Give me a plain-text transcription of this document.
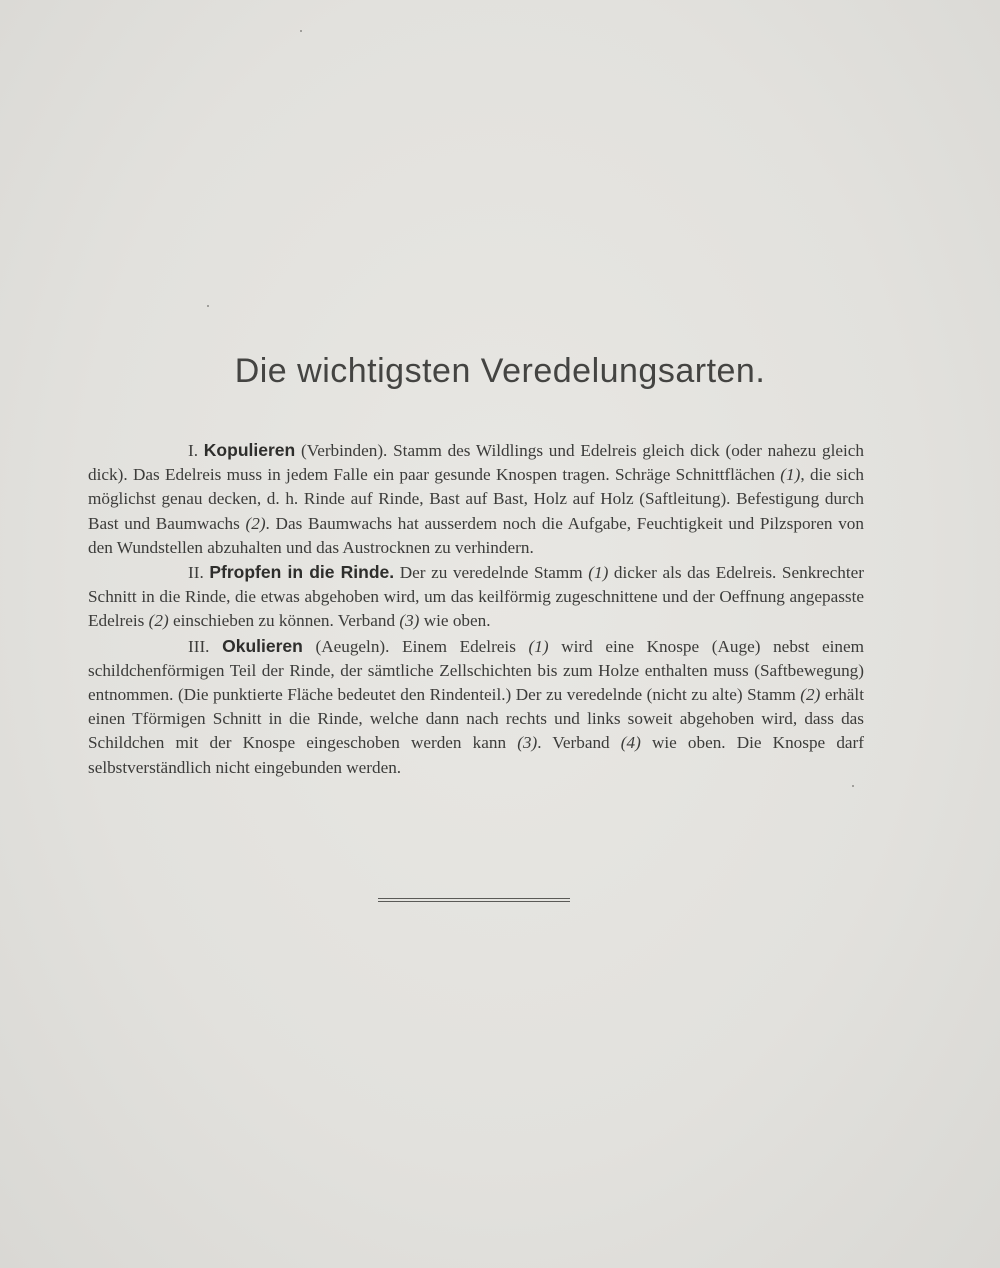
Die wichtigsten Veredelungsarten.

I. Kopulieren (Verbinden). Stamm des Wildlings und Edelreis gleich dick (oder nahezu gleich dick). Das Edelreis muss in jedem Falle ein paar gesunde Knospen tragen. Schräge Schnittflächen (1), die sich möglichst genau decken, d. h. Rinde auf Rinde, Bast auf Bast, Holz auf Holz (Saftleitung). Befestigung durch Bast und Baumwachs (2). Das Baumwachs hat ausserdem noch die Aufgabe, Feuchtigkeit und Pilzsporen von den Wundstellen abzuhalten und das Austrocknen zu verhindern.

II. Pfropfen in die Rinde. Der zu veredelnde Stamm (1) dicker als das Edelreis. Senkrechter Schnitt in die Rinde, die etwas abgehoben wird, um das keilförmig zugeschnittene und der Oeffnung angepasste Edelreis (2) einschieben zu können. Verband (3) wie oben.

III. Okulieren (Aeugeln). Einem Edelreis (1) wird eine Knospe (Auge) nebst einem schildchenförmigen Teil der Rinde, der sämtliche Zellschichten bis zum Holze enthalten muss (Saftbewegung) entnommen. (Die punktierte Fläche bedeutet den Rindenteil.) Der zu veredelnde (nicht zu alte) Stamm (2) erhält einen Tförmigen Schnitt in die Rinde, welche dann nach rechts und links soweit abgehoben wird, dass das Schildchen mit der Knospe eingeschoben werden kann (3). Verband (4) wie oben. Die Knospe darf selbstverständlich nicht eingebunden werden.
